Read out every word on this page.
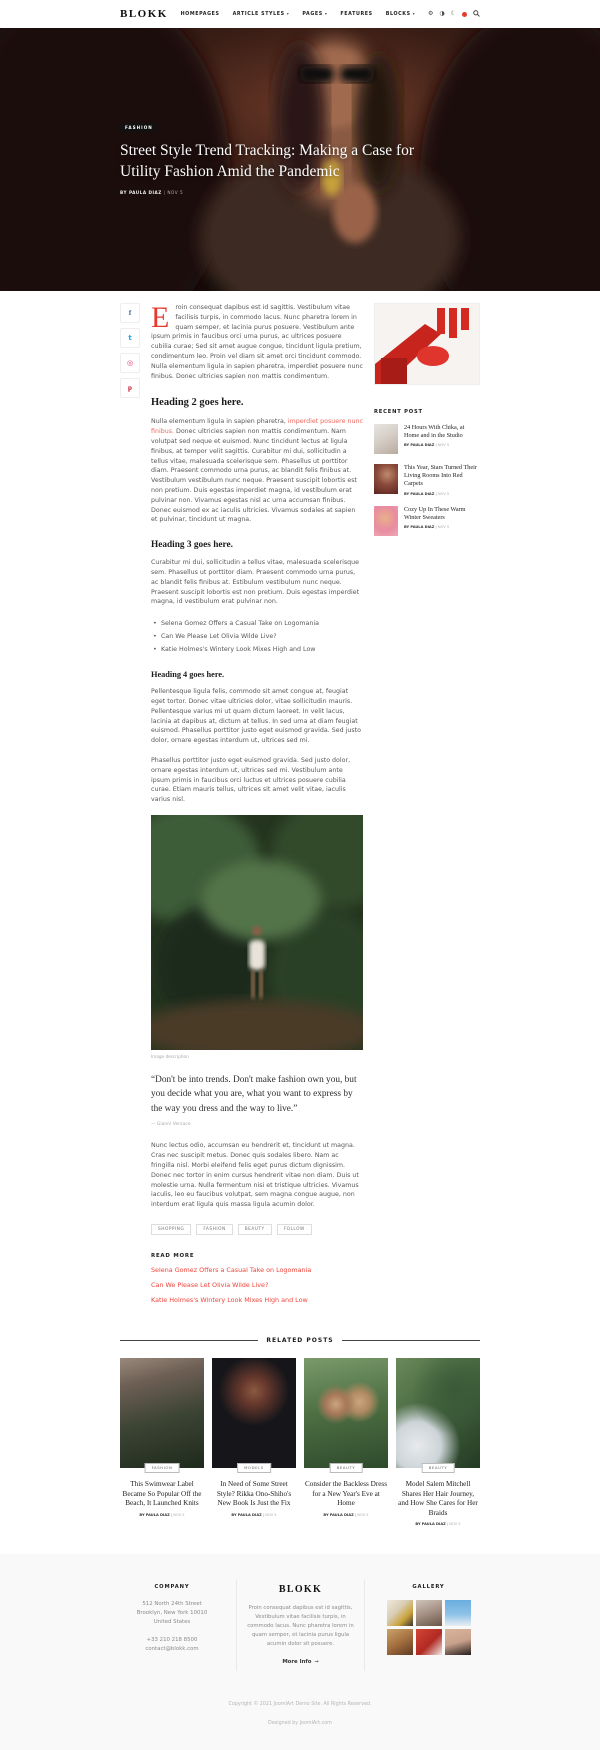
BLOKK	HOMEPAGES	ARTICLE STYLES ▾	PAGES ▾	FEATURES	BLOCKS ▾	⚙ ◑ ☾
FASHION
Street Style Trend Tracking: Making a Case for Utility Fashion Amid the Pandemic
BY PAULA DIAZ | NOV 5
f
t
◎
p

Eroin consequat dapibus est id sagittis. Vestibulum vitae facilisis turpis, in commodo lacus. Nunc pharetra lorem in quam semper, et lacinia purus posuere. Vestibulum ante ipsum primis in faucibus orci urna purus, ac ultrices posuere cubilia curae; Sed sit amet augue congue, tincidunt ligula pretium, condimentum leo. Proin vel diam sit amet orci tincidunt commodo. Nulla elementum ligula in sapien pharetra, imperdiet posuere nunc finibus. Donec ultricies sapien non mattis condimentum.

Heading 2 goes here.

Nulla elementum ligula in sapien pharetra, imperdiet posuere nunc finibus. Donec ultricies sapien non mattis condimentum. Nam volutpat sed neque et euismod. Nunc tincidunt lectus at ligula finibus, at tempor velit sagittis. Curabitur mi dui, sollicitudin a tellus vitae, malesuada scelerisque sem. Phasellus ut porttitor diam. Praesent commodo urna purus, ac blandit felis finibus at. Vestibulum vestibulum nunc neque. Praesent suscipit lobortis est non pretium. Duis egestas imperdiet magna, id vestibulum erat pulvinar non. Vivamus egestas nisl ac urna accumsan finibus. Donec euismod ex ac iaculis ultricies. Vivamus sodales at sapien et pulvinar, tincidunt ut magna.

Heading 3 goes here.

Curabitur mi dui, sollicitudin a tellus vitae, malesuada scelerisque sem. Phasellus ut porttitor diam. Praesent commodo urna purus, ac blandit felis finibus at. Estibulum vestibulum nunc neque. Praesent suscipit lobortis est non pretium. Duis egestas imperdiet magna, id vestibulum erat pulvinar non.

• Selena Gomez Offers a Casual Take on Logomania
• Can We Please Let Olivia Wilde Live?
• Katie Holmes's Wintery Look Mixes High and Low
Heading 4 goes here.

Pellentesque ligula felis, commodo sit amet congue at, feugiat eget tortor. Donec vitae ultricies dolor, vitae sollicitudin mauris. Pellentesque varius mi ut quam dictum laoreet. In velit lacus, lacinia at dapibus at, dictum at tellus. In sed urna at diam feugiat euismod. Phasellus porttitor justo eget euismod gravida. Sed justo dolor, ornare egestas interdum ut, ultrices sed mi.

Phasellus porttitor justo eget euismod gravida. Sed justo dolor, ornare egestas interdum ut, ultrices sed mi. Vestibulum ante ipsum primis in faucibus orci luctus et ultrices posuere cubilia curae. Etiam mauris tellus, ultrices sit amet velit vitae, iaculis varius nisl.

Image description
“Don't be into trends. Don't make fashion own you, but you decide what you are, what you want to express by the way you dress and the way to live.”
— Gianni Versace

Nunc lectus odio, accumsan eu hendrerit et, tincidunt ut magna. Cras nec suscipit metus. Donec quis sodales libero. Nam ac fringilla nisl. Morbi eleifend felis eget purus dictum dignissim. Donec nec tortor in enim cursus hendrerit vitae non diam. Duis ut molestie urna. Nulla fermentum nisi et tristique ultricies. Vivamus iaculis, leo eu faucibus volutpat, sem magna congue augue, non interdum erat ligula quis massa ligula acumin dolor.

SHOPPING	FASHION	BEAUTY	FOLLOW
READ MORE
Selena Gomez Offers a Casual Take on Logomania
Can We Please Let Olivia Wilde Live?
Katie Holmes's Wintery Look Mixes High and Low
RECENT POST
24 Hours With Chika, at Home and in the Studio
BY PAULA DIAZ | NOV 5
This Year, Stars Turned Their Living Rooms Into Red Carpets
BY PAULA DIAZ | NOV 5
Cozy Up In These Warm Winter Sweaters
BY PAULA DIAZ | NOV 5
RELATED POSTS
FASHION
This Swimwear Label Became So Popular Off the Beach, It Launched Knits
BY PAULA DIAZ | NOV 5
MODELS
In Need of Some Street Style? Rikka Ono-Shiho's New Book Is Just the Fix
BY PAULA DIAZ | NOV 5
BEAUTY
Consider the Backless Dress for a New Year's Eve at Home
BY PAULA DIAZ | NOV 5
BEAUTY
Model Salem Mitchell Shares Her Hair Journey, and How She Cares for Her Braids
BY PAULA DIAZ | NOV 5
COMPANY
512 North 24th Street
Brooklyn, New York 10010
United States
+33 210 218 8500
contact@blokk.com
BLOKK
Proin consequat dapibus est id sagittis, Vestibulum vitae facilisis turpis, in commodo lacus. Nunc pharetra lorem in quam semper, et lacinia purus ligula acumin dolor sit posuere.
More Info →
GALLERY
Copyright © 2021 JoomlArt Demo Site. All Rights Reserved.
Designed by JoomlArt.com
